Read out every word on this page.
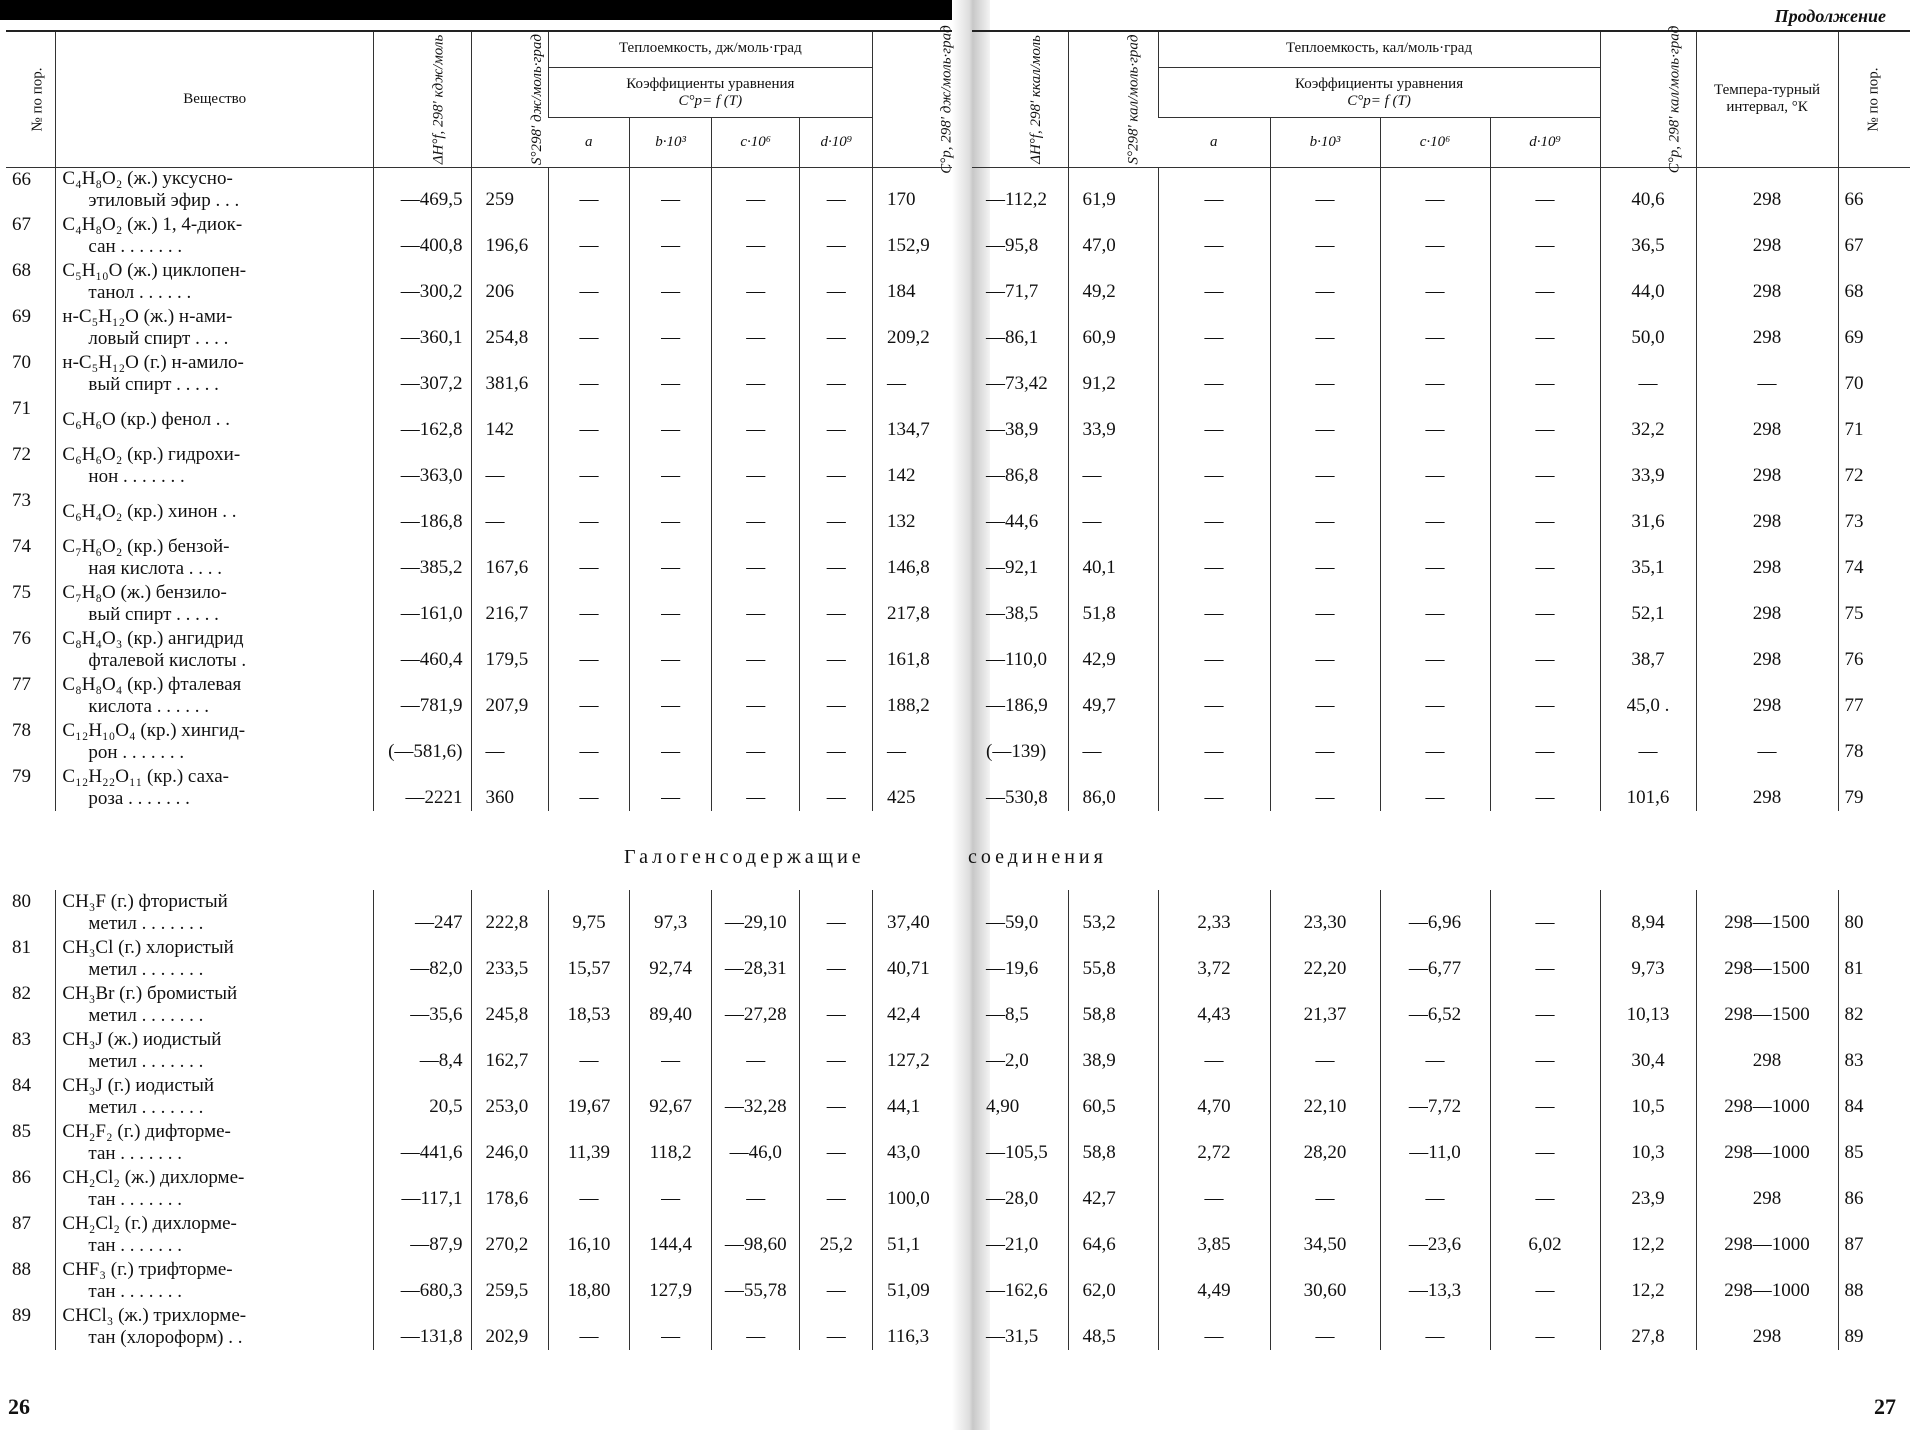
Продолжение
№ по пор.	Вещество	ΔH°f, 298' кдж/моль	S°298' дж/моль·град	Теплоемкость, дж/моль·град
Коэффициенты уравнения
C°p= f (T)				C°p, 298' дж/моль·град
				a	b·10³	c·10⁶	d·10⁹	
66	C₄H₈O₂ (ж.) уксусно-
этиловый эфир . . .	—469,5	259	—	—	—	—	170
67	C₄H₈O₂ (ж.) 1, 4-диок-
сан . . . . . . .	—400,8	196,6	—	—	—	—	152,9
68	C₅H₁₀O (ж.) циклопен-
танол . . . . . .	—300,2	206	—	—	—	—	184
69	н-C₅H₁₂O (ж.) н-ами-
ловый спирт . . . .	—360,1	254,8	—	—	—	—	209,2
70	н-C₅H₁₂O (г.) н-амило-
вый спирт . . . . .	—307,2	381,6	—	—	—	—	—
71	C₆H₆O (кр.) фенол . .	—162,8	142	—	—	—	—	134,7
72	C₆H₆O₂ (кр.) гидрохи-
нон . . . . . . .	—363,0	—	—	—	—	—	142
73	C₆H₄O₂ (кр.) хинон . .	—186,8	—	—	—	—	—	132
74	C₇H₆O₂ (кр.) бензой-
ная кислота . . . .	—385,2	167,6	—	—	—	—	146,8
75	C₇H₈O (ж.) бензило-
вый спирт . . . . .	—161,0	216,7	—	—	—	—	217,8
76	C₈H₄O₃ (кр.) ангидрид
фталевой кислоты .	—460,4	179,5	—	—	—	—	161,8
77	C₈H₈O₄ (кр.) фталевая
кислота . . . . . .	—781,9	207,9	—	—	—	—	188,2
78	C₁₂H₁₀O₄ (кр.) хингид-
рон . . . . . . .	(—581,6)	—	—	—	—	—	—
79	C₁₂H₂₂O₁₁ (кр.) саха-
роза . . . . . . .	—2221	360	—	—	—	—	425
Галогенсодержащие
80	CH₃F (г.) фтористый
метил . . . . . . .	—247	222,8	9,75	97,3	—29,10	—	37,40
81	CH₃Cl (г.) хлористый
метил . . . . . . .	—82,0	233,5	15,57	92,74	—28,31	—	40,71
82	CH₃Br (г.) бромистый
метил . . . . . . .	—35,6	245,8	18,53	89,40	—27,28	—	42,4
83	CH₃J (ж.) иодистый
метил . . . . . . .	—8,4	162,7	—	—	—	—	127,2
84	CH₃J (г.) иодистый
метил . . . . . . .	20,5	253,0	19,67	92,67	—32,28	—	44,1
85	CH₂F₂ (г.) дифторме-
тан . . . . . . .	—441,6	246,0	11,39	118,2	—46,0	—	43,0
86	CH₂Cl₂ (ж.) дихлорме-
тан . . . . . . .	—117,1	178,6	—	—	—	—	100,0
87	CH₂Cl₂ (г.) дихлорме-
тан . . . . . . .	—87,9	270,2	16,10	144,4	—98,60	25,2	51,1
88	CHF₃ (г.) трифторме-
тан . . . . . . .	—680,3	259,5	18,80	127,9	—55,78	—	51,09
89	CHCl₃ (ж.) трихлорме-
тан (хлороформ) . .	—131,8	202,9	—	—	—	—	116,3
ΔH°f, 298' ккал/моль	S°298' кал/моль·град	Теплоемкость, кал/моль·град
Коэффициенты уравнения
C°p= f (T)				C°p, 298' кал/моль·град	Темпера-турный интервал, °К	№ по пор.
		a	b·10³	c·10⁶	d·10⁹			
—112,2	61,9	—	—	—	—	40,6	298	66
—95,8	47,0	—	—	—	—	36,5	298	67
—71,7	49,2	—	—	—	—	44,0	298	68
—86,1	60,9	—	—	—	—	50,0	298	69
—73,42	91,2	—	—	—	—	—	—	70
—38,9	33,9	—	—	—	—	32,2	298	71
—86,8	—	—	—	—	—	33,9	298	72
—44,6	—	—	—	—	—	31,6	298	73
—92,1	40,1	—	—	—	—	35,1	298	74
—38,5	51,8	—	—	—	—	52,1	298	75
—110,0	42,9	—	—	—	—	38,7	298	76
—186,9	49,7	—	—	—	—	45,0 .	298	77
(—139)	—	—	—	—	—	—	—	78
—530,8	86,0	—	—	—	—	101,6	298	79
соединения
—59,0	53,2	2,33	23,30	—6,96	—	8,94	298—1500	80
—19,6	55,8	3,72	22,20	—6,77	—	9,73	298—1500	81
—8,5	58,8	4,43	21,37	—6,52	—	10,13	298—1500	82
—2,0	38,9	—	—	—	—	30,4	298	83
4,90	60,5	4,70	22,10	—7,72	—	10,5	298—1000	84
—105,5	58,8	2,72	28,20	—11,0	—	10,3	298—1000	85
—28,0	42,7	—	—	—	—	23,9	298	86
—21,0	64,6	3,85	34,50	—23,6	6,02	12,2	298—1000	87
—162,6	62,0	4,49	30,60	—13,3	—	12,2	298—1000	88
—31,5	48,5	—	—	—	—	27,8	298	89
26	27
